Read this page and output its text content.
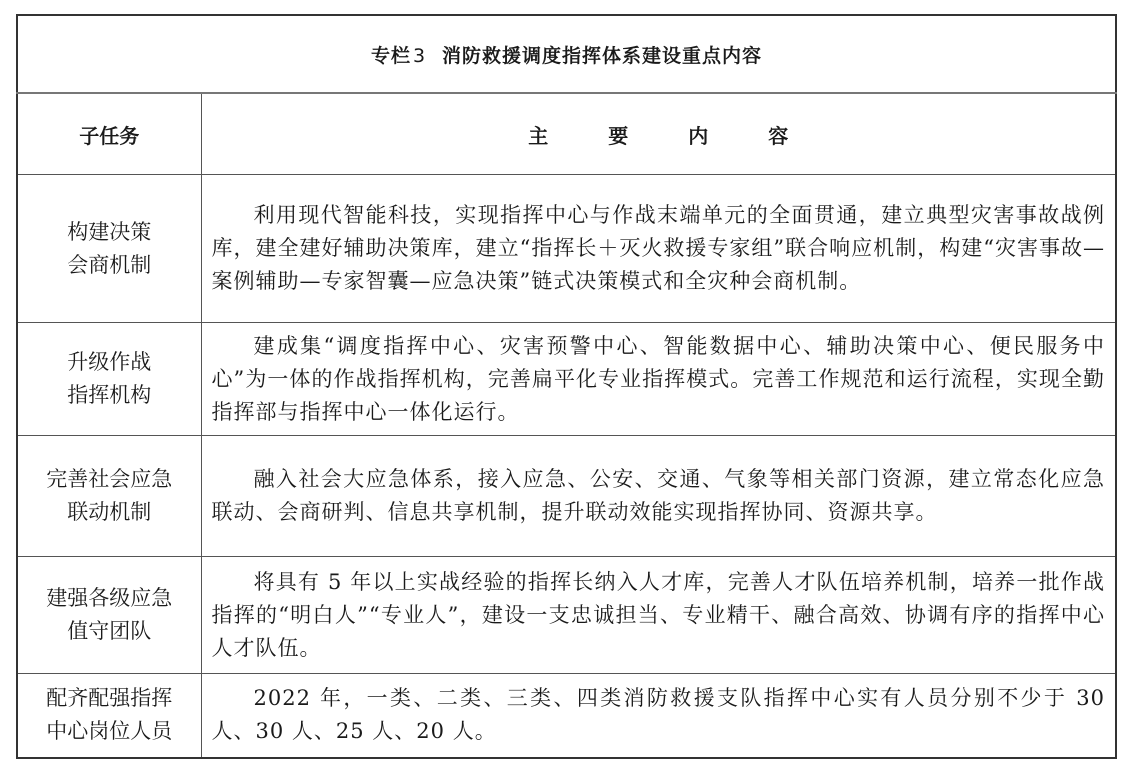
专栏 3 消防救援调度指挥体系建设重点内容	
子任务	主 要 内 容

构建决策
会商机制	利用现代智能科技，实现指挥中心与作战末端单元的全面贯通，建立典型灾害事故战例库，建全建好辅助决策库，建立“指挥长＋灭火救援专家组”联合响应机制，构建“灾害事故—案例辅助—专家智囊—应急决策”链式决策模式和全灾种会商机制。

升级作战
指挥机构	建成集“调度指挥中心、灾害预警中心、智能数据中心、辅助决策中心、便民服务中心”为一体的作战指挥机构，完善扁平化专业指挥模式。完善工作规范和运行流程，实现全勤指挥部与指挥中心一体化运行。

完善社会应急
联动机制	融入社会大应急体系，接入应急、公安、交通、气象等相关部门资源，建立常态化应急联动、会商研判、信息共享机制，提升联动效能实现指挥协同、资源共享。

建强各级应急
值守团队	将具有 5 年以上实战经验的指挥长纳入人才库，完善人才队伍培养机制，培养一批作战指挥的“明白人”“专业人”，建设一支忠诚担当、专业精干、融合高效、协调有序的指挥中心人才队伍。

配齐配强指挥
中心岗位人员	2022 年，一类、二类、三类、四类消防救援支队指挥中心实有人员分别不少于 30 人、30 人、25 人、20 人。
